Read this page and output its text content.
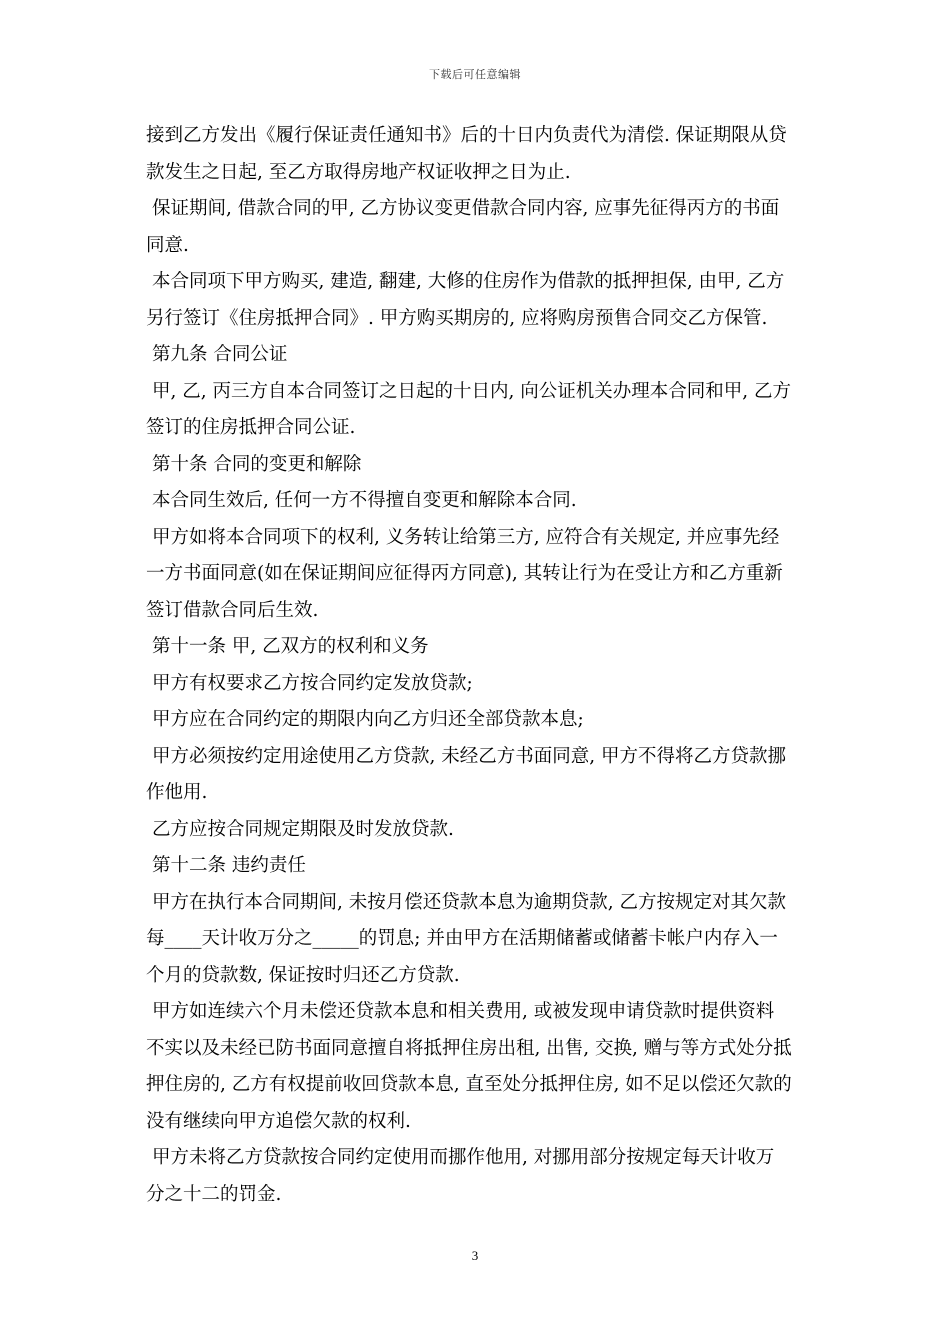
下载后可任意编辑
接到乙方发出《履行保证责任通知书》后的十日内负责代为清偿. 保证期限从贷
款发生之日起, 至乙方取得房地产权证收押之日为止.
保证期间, 借款合同的甲, 乙方协议变更借款合同内容, 应事先征得丙方的书面
同意.
本合同项下甲方购买, 建造, 翻建, 大修的住房作为借款的抵押担保, 由甲, 乙方
另行签订《住房抵押合同》. 甲方购买期房的, 应将购房预售合同交乙方保管.
第九条 合同公证
甲, 乙, 丙三方自本合同签订之日起的十日内, 向公证机关办理本合同和甲, 乙方
签订的住房抵押合同公证.
第十条 合同的变更和解除
本合同生效后, 任何一方不得擅自变更和解除本合同.
甲方如将本合同项下的权利, 义务转让给第三方, 应符合有关规定, 并应事先经
一方书面同意(如在保证期间应征得丙方同意), 其转让行为在受让方和乙方重新
签订借款合同后生效.
第十一条 甲, 乙双方的权利和义务
甲方有权要求乙方按合同约定发放贷款;
甲方应在合同约定的期限内向乙方归还全部贷款本息;
甲方必须按约定用途使用乙方贷款, 未经乙方书面同意, 甲方不得将乙方贷款挪
作他用.
乙方应按合同规定期限及时发放贷款.
第十二条 违约责任
甲方在执行本合同期间, 未按月偿还贷款本息为逾期贷款, 乙方按规定对其欠款
每____天计收万分之_____的罚息; 并由甲方在活期储蓄或储蓄卡帐户内存入一
个月的贷款数, 保证按时归还乙方贷款.
甲方如连续六个月未偿还贷款本息和相关费用, 或被发现申请贷款时提供资料
不实以及未经已防书面同意擅自将抵押住房出租, 出售, 交换, 赠与等方式处分抵
押住房的, 乙方有权提前收回贷款本息, 直至处分抵押住房, 如不足以偿还欠款的
没有继续向甲方追偿欠款的权利.
甲方未将乙方贷款按合同约定使用而挪作他用, 对挪用部分按规定每天计收万
分之十二的罚金.
3
